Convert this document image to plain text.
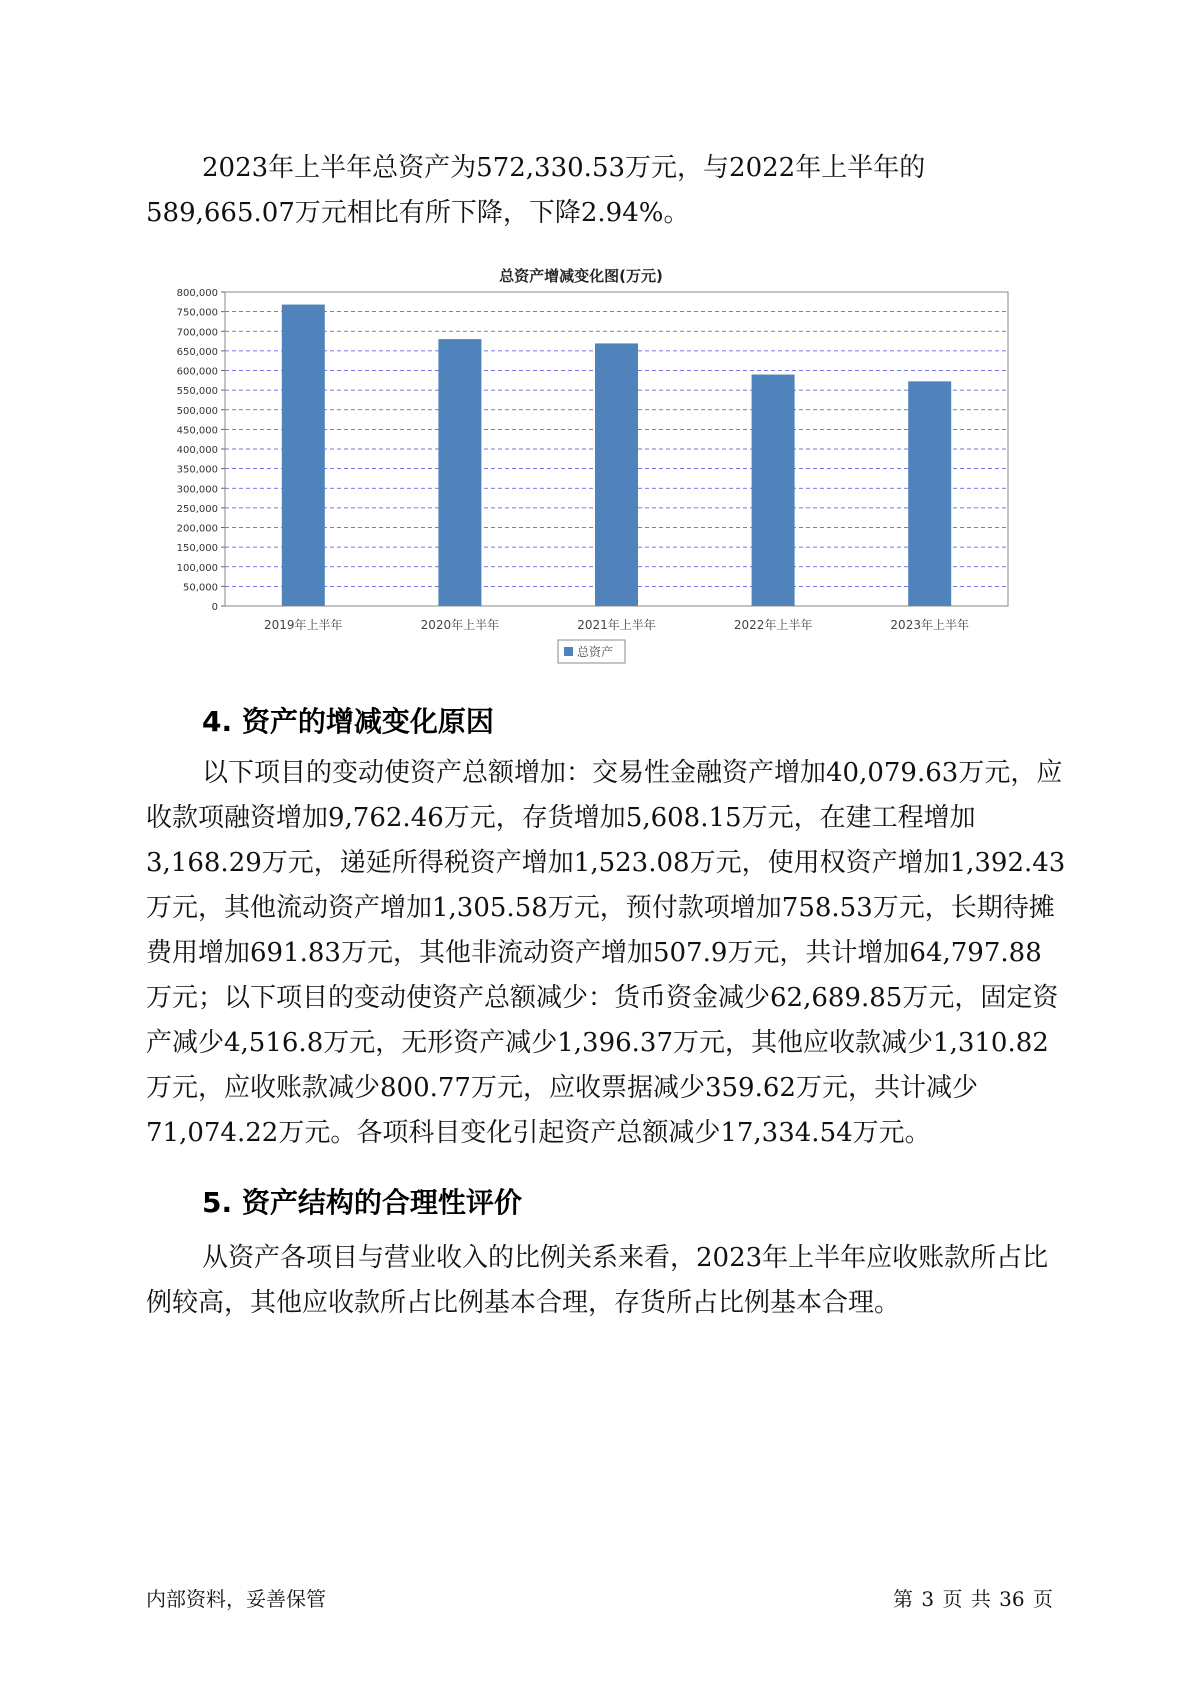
2023年上半年总资产为572,330.53万元，与2022年上半年的589,665.07万元相比有所下降，下降2.94%。

总资产增减变化图(万元)
0
50,000
100,000
150,000
200,000
250,000
300,000
350,000
400,000
450,000
500,000
550,000
600,000
650,000
700,000
750,000
800,000
2019年上半年	2020年上半年	2021年上半年	2022年上半年	2023年上半年
总资产
4. 资产的增减变化原因

以下项目的变动使资产总额增加：交易性金融资产增加40,079.63万元，应收款项融资增加9,762.46万元，存货增加5,608.15万元，在建工程增加3,168.29万元，递延所得税资产增加1,523.08万元，使用权资产增加1,392.43万元，其他流动资产增加1,305.58万元，预付款项增加758.53万元，长期待摊费用增加691.83万元，其他非流动资产增加507.9万元，共计增加64,797.88万元；以下项目的变动使资产总额减少：货币资金减少62,689.85万元，固定资产减少4,516.8万元，无形资产减少1,396.37万元，其他应收款减少1,310.82万元，应收账款减少800.77万元，应收票据减少359.62万元，共计减少71,074.22万元。各项科目变化引起资产总额减少17,334.54万元。

5. 资产结构的合理性评价

从资产各项目与营业收入的比例关系来看，2023年上半年应收账款所占比例较高，其他应收款所占比例基本合理，存货所占比例基本合理。

内部资料，妥善保管	第 3 页 共 36 页
